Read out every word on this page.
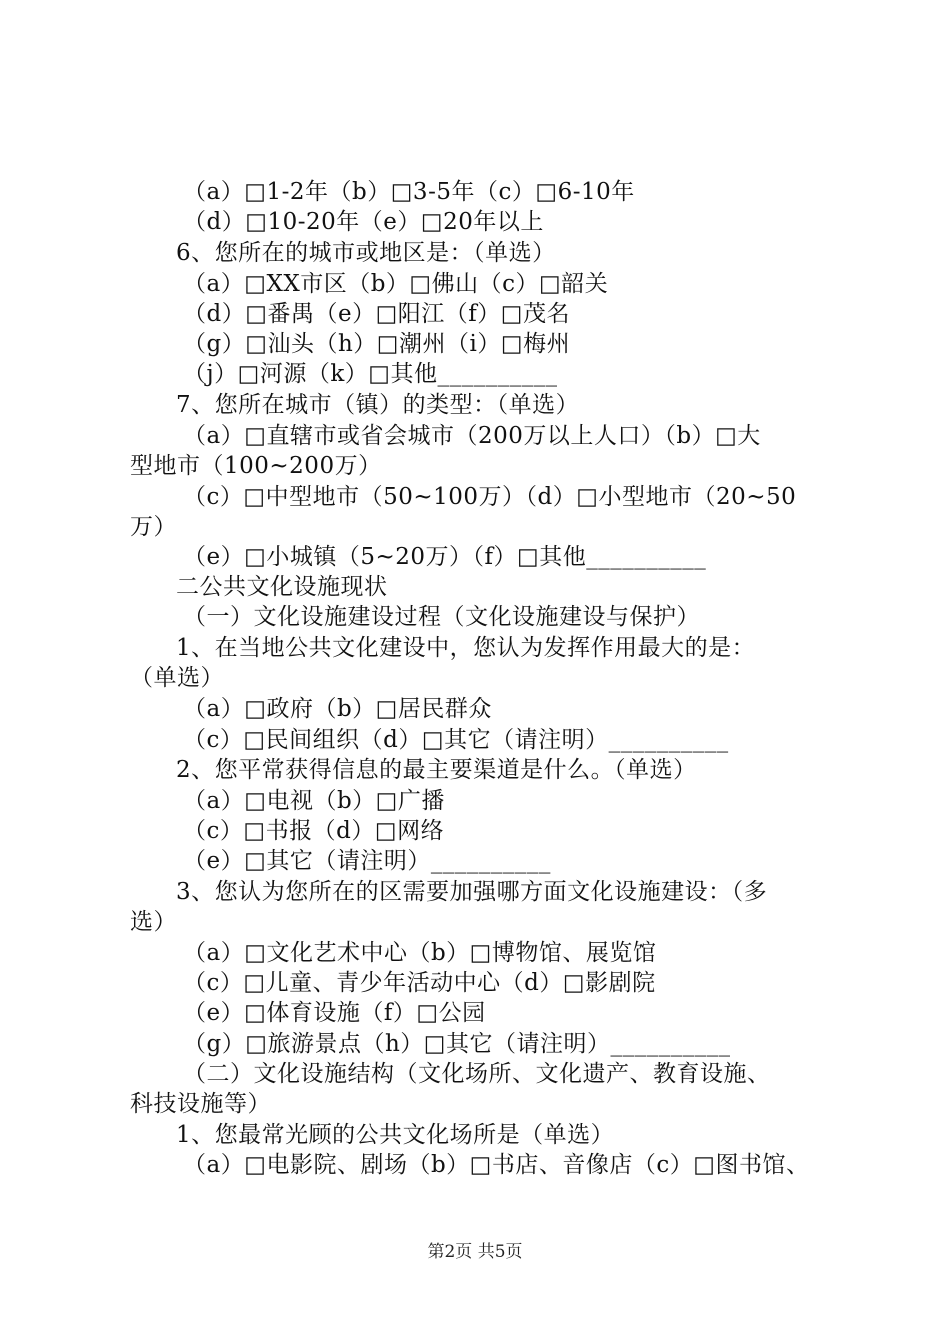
（a）□1-2年（b）□3-5年（c）□6-10年
（d）□10-20年（e）□20年以上
6、您所在的城市或地区是：（单选）
（a）□XX市区（b）□佛山（c）□韶关
（d）□番禺（e）□阳江（f）□茂名
（g）□汕头（h）□潮州（i）□梅州
（j）□河源（k）□其他__________
7、您所在城市（镇）的类型：（单选）
（a）□直辖市或省会城市（200万以上人口）（b）□大
型地市（100~200万）
（c）□中型地市（50~100万）（d）□小型地市（20~50
万）
（e）□小城镇（5~20万）（f）□其他__________
二公共文化设施现状
（一）文化设施建设过程（文化设施建设与保护）
1、在当地公共文化建设中，您认为发挥作用最大的是：
（单选）
（a）□政府（b）□居民群众
（c）□民间组织（d）□其它（请注明）__________
2、您平常获得信息的最主要渠道是什么。（单选）
（a）□电视（b）□广播
（c）□书报（d）□网络
（e）□其它（请注明）__________
3、您认为您所在的区需要加强哪方面文化设施建设：（多
选）
（a）□文化艺术中心（b）□博物馆、展览馆
（c）□儿童、青少年活动中心（d）□影剧院
（e）□体育设施（f）□公园
（g）□旅游景点（h）□其它（请注明）__________
（二）文化设施结构（文化场所、文化遗产、教育设施、
科技设施等）
1、您最常光顾的公共文化场所是（单选）
（a）□电影院、剧场（b）□书店、音像店（c）□图书馆、
第2页 共5页
